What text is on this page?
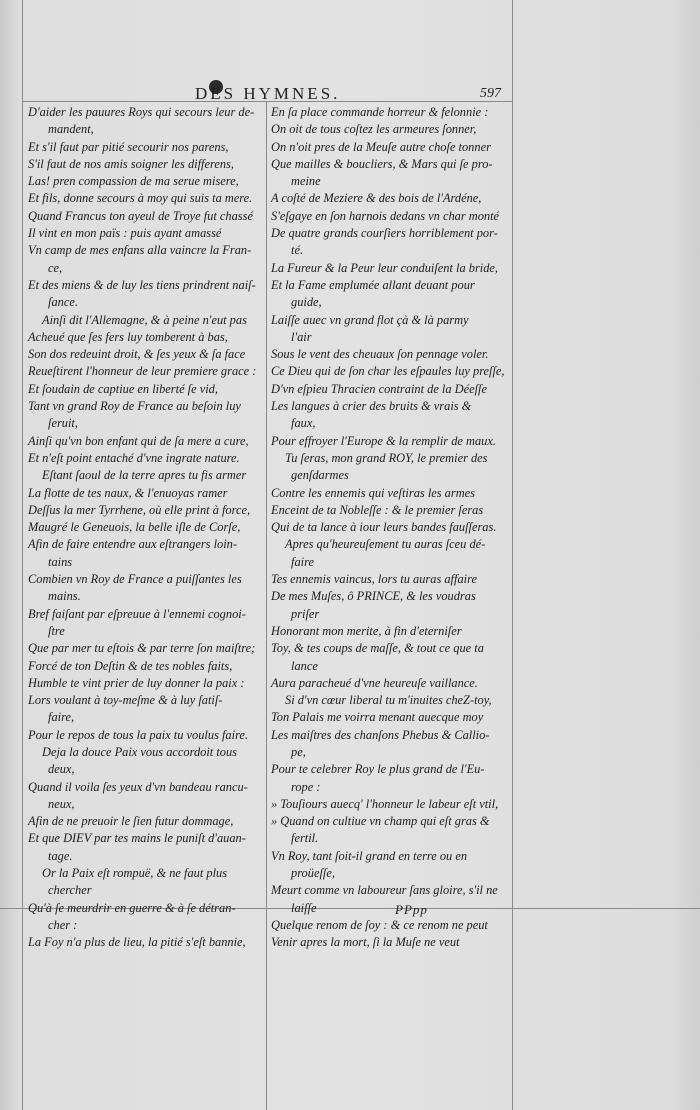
DES HYMNES.	597
D'aider les pauures Roys qui secours leur de-
mandent,
Et s'il faut par pitié secourir nos parens,
S'il faut de nos amis soigner les differens,
Las! pren compassion de ma serue misere,
Et fils, donne secours à moy qui suis ta mere.
Quand Francus ton ayeul de Troye fut chassé
Il vint en mon païs : puis ayant amassé
Vn camp de mes enfans alla vaincre la Fran-
ce,
Et des miens & de luy les tiens prindrent naiſ-
ſance.
Ainſi dit l'Allemagne, & à peine n'eut pas
Acheué que ſes fers luy tomberent à bas,
Son dos redeuint droit, & ſes yeux & ſa face
Reueſtirent l'honneur de leur premiere grace :
Et ſoudain de captiue en liberté ſe vid,
Tant vn grand Roy de France au beſoin luy
ſeruit,
Ainſi qu'vn bon enfant qui de ſa mere a cure,
Et n'eſt point entaché d'vne ingrate nature.
Eſtant ſaoul de la terre apres tu fis armer
La flotte de tes naux, & l'enuoyas ramer
Deſſus la mer Tyrrhene, où elle print à force,
Maugré le Geneuois, la belle iſle de Corſe,
Afin de faire entendre aux eſtrangers loin-
tains
Combien vn Roy de France a puiſſantes les
mains.
Bref faiſant par eſpreuue à l'ennemi cognoi-
ſtre
Que par mer tu eſtois & par terre ſon maiſtre;
Forcé de ton Deſtin & de tes nobles faits,
Humble te vint prier de luy donner la paix :
Lors voulant à toy-meſme & à luy ſatiſ-
faire,
Pour le repos de tous la paix tu voulus faire.
Deja la douce Paix vous accordoit tous
deux,
Quand il voila ſes yeux d'vn bandeau rancu-
neux,
Afin de ne preuoir le ſien futur dommage,
Et que DIEV par tes mains le puniſt d'auan-
tage.
Or la Paix eſt rompuë, & ne faut plus
chercher
Qu'à ſe meurdrir en guerre & à ſe détran-
cher :
La Foy n'a plus de lieu, la pitié s'eſt bannie,
En ſa place commande horreur & felonnie :
On oit de tous coſtez les armeures ſonner,
On n'oit pres de la Meuſe autre choſe tonner
Que mailles & boucliers, & Mars qui ſe pro-
meine
A coſté de Meziere & des bois de l'Ardéne,
S'eſgaye en ſon harnois dedans vn char monté
De quatre grands courſiers horriblement por-
té.
La Fureur & la Peur leur conduiſent la bride,
Et la Fame emplumée allant deuant pour
guide,
Laiſſe auec vn grand flot çà & là parmy
l'air
Sous le vent des cheuaux ſon pennage voler.
Ce Dieu qui de ſon char les eſpaules luy preſſe,
D'vn eſpieu Thracien contraint de la Déeſſe
Les langues à crier des bruits & vrais &
faux,
Pour effroyer l'Europe & la remplir de maux.
Tu ſeras, mon grand ROY, le premier des
genſdarmes
Contre les ennemis qui veſtiras les armes
Enceint de ta Nobleſſe : & le premier ſeras
Qui de ta lance à iour leurs bandes fauſſeras.
Apres qu'heureuſement tu auras ſceu dé-
faire
Tes ennemis vaincus, lors tu auras affaire
De mes Muſes, ô PRINCE, & les voudras
priſer
Honorant mon merite, à fin d'eterniſer
Toy, & tes coups de maſſe, & tout ce que ta
lance
Aura paracheué d'vne heureuſe vaillance.
Si d'vn cœur liberal tu m'inuites cheZ-toy,
Ton Palais me voirra menant auecque moy
Les maiſtres des chanſons Phebus & Callio-
pe,
Pour te celebrer Roy le plus grand de l'Eu-
rope :
» Touſiours auecq' l'honneur le labeur eſt vtil,
» Quand on cultiue vn champ qui eſt gras &
fertil.
Vn Roy, tant ſoit-il grand en terre ou en
proüeſſe,
Meurt comme vn laboureur ſans gloire, s'il ne
laiſſe
Quelque renom de ſoy : & ce renom ne peut
Venir apres la mort, ſi la Muſe ne veut
PPpp
